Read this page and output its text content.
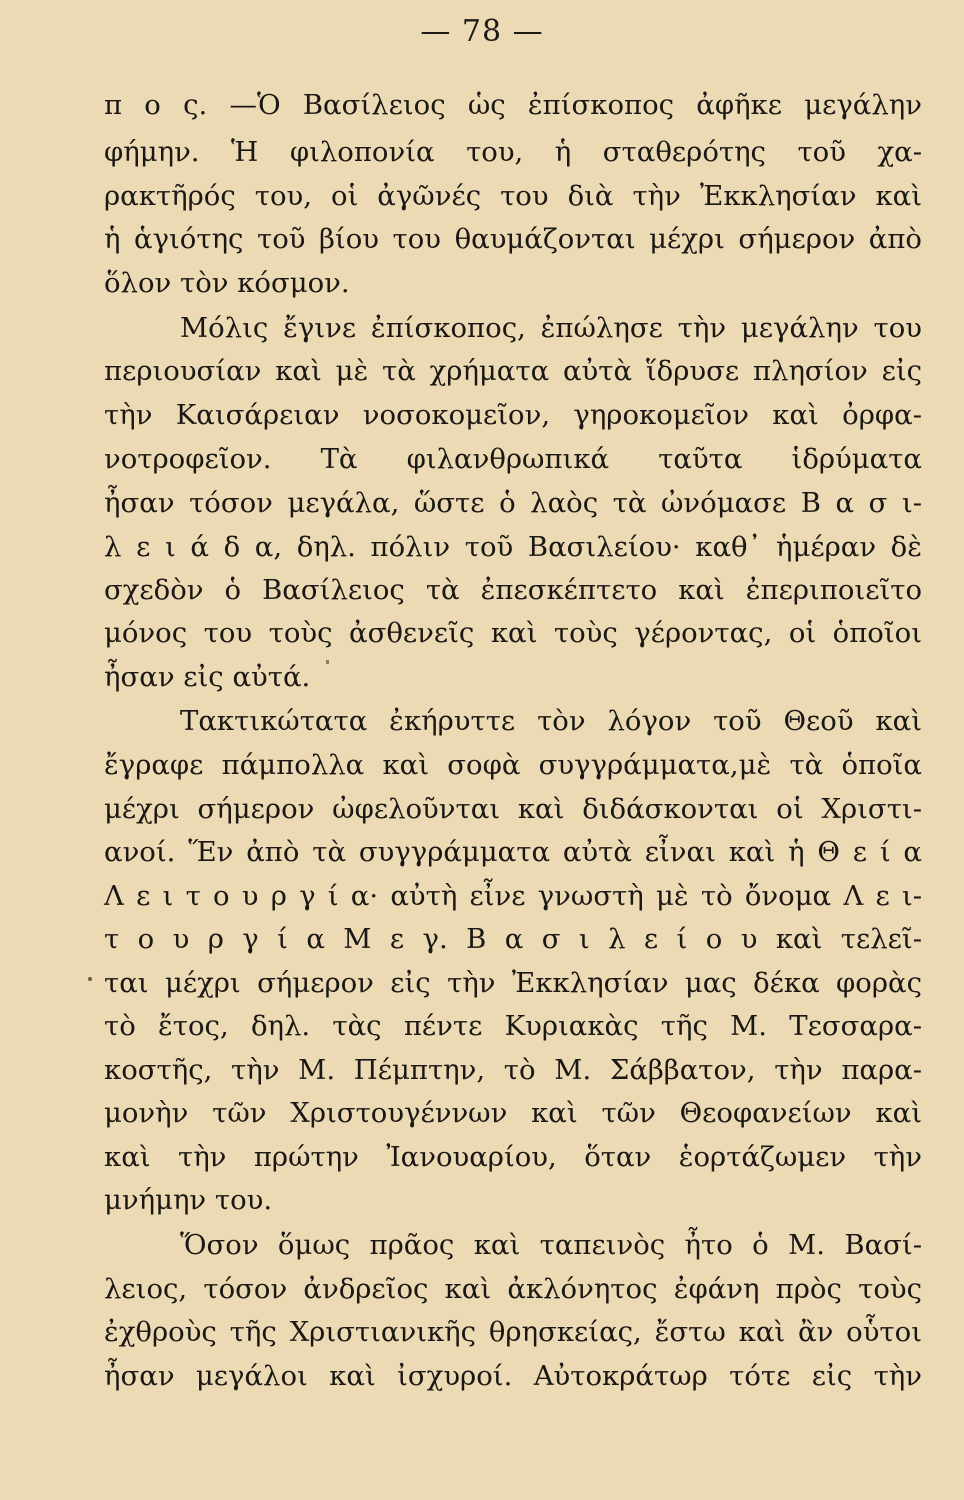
— 78 —
π ο ς. —Ὁ Βασίλειος ὡς ἐπίσκοπος ἀφῆκε μεγάλην
φήμην. Ἡ φιλοπονία του, ἡ σταθερότης τοῦ χα-
ρακτῆρός του, οἱ ἀγῶνές του διὰ τὴν Ἐκκλησίαν καὶ
ἡ ἁγιότης τοῦ βίου του θαυμάζονται μέχρι σήμερον ἀπὸ
ὅλον τὸν κόσμον.
Μόλις ἔγινε ἐπίσκοπος, ἐπώλησε τὴν μεγάλην του
περιουσίαν καὶ μὲ τὰ χρήματα αὐτὰ ἵδρυσε πλησίον εἰς
τὴν Καισάρειαν νοσοκομεῖον, γηροκομεῖον καὶ ὀρφα-
νοτροφεῖον. Τὰ φιλανθρωπικά ταῦτα ἱδρύματα
ἦσαν τόσον μεγάλα, ὥστε ὁ λαὸς τὰ ὠνόμασε Β α σ ι-
λ ε ι ά δ α, δηλ. πόλιν τοῦ Βασιλείου· καθ᾽ ἡμέραν δὲ
σχεδὸν ὁ Βασίλειος τὰ ἐπεσκέπτετο καὶ ἐπεριποιεῖτο
μόνος του τοὺς ἀσθενεῖς καὶ τοὺς γέροντας, οἱ ὁποῖοι
ἦσαν εἰς αὐτά.
Τακτικώτατα ἐκήρυττε τὸν λόγον τοῦ Θεοῦ καὶ
ἔγραφε πάμπολλα καὶ σοφὰ συγγράμματα,μὲ τὰ ὁποῖα
μέχρι σήμερον ὠφελοῦνται καὶ διδάσκονται οἱ Χριστι-
ανοί. Ἕν ἀπὸ τὰ συγγράμματα αὐτὰ εἶναι καὶ ἡ Θ ε ί α
Λ ε ι τ ο υ ρ γ ί α· αὐτὴ εἶνε γνωστὴ μὲ τὸ ὄνομα Λ ε ι-
τ ο υ ρ γ ί α Μ ε γ. Β α σ ι λ ε ί ο υ καὶ τελεῖ-
ται μέχρι σήμερον εἰς τὴν Ἐκκλησίαν μας δέκα φορὰς
τὸ ἔτος, δηλ. τὰς πέντε Κυριακὰς τῆς Μ. Τεσσαρα-
κοστῆς, τὴν Μ. Πέμπτην, τὸ Μ. Σάββατον, τὴν παρα-
μονὴν τῶν Χριστουγέννων καὶ τῶν Θεοφανείων καὶ
καὶ τὴν πρώτην Ἰανουαρίου, ὅταν ἑορτάζωμεν τὴν
μνήμην του.
Ὅσον ὅμως πρᾶος καὶ ταπεινὸς ἦτο ὁ Μ. Βασί-
λειος, τόσον ἀνδρεῖος καὶ ἀκλόνητος ἐφάνη πρὸς τοὺς
ἐχθροὺς τῆς Χριστιανικῆς θρησκείας, ἔστω καὶ ἂν οὗτοι
ἦσαν μεγάλοι καὶ ἰσχυροί. Αὐτοκράτωρ τότε εἰς τὴν
